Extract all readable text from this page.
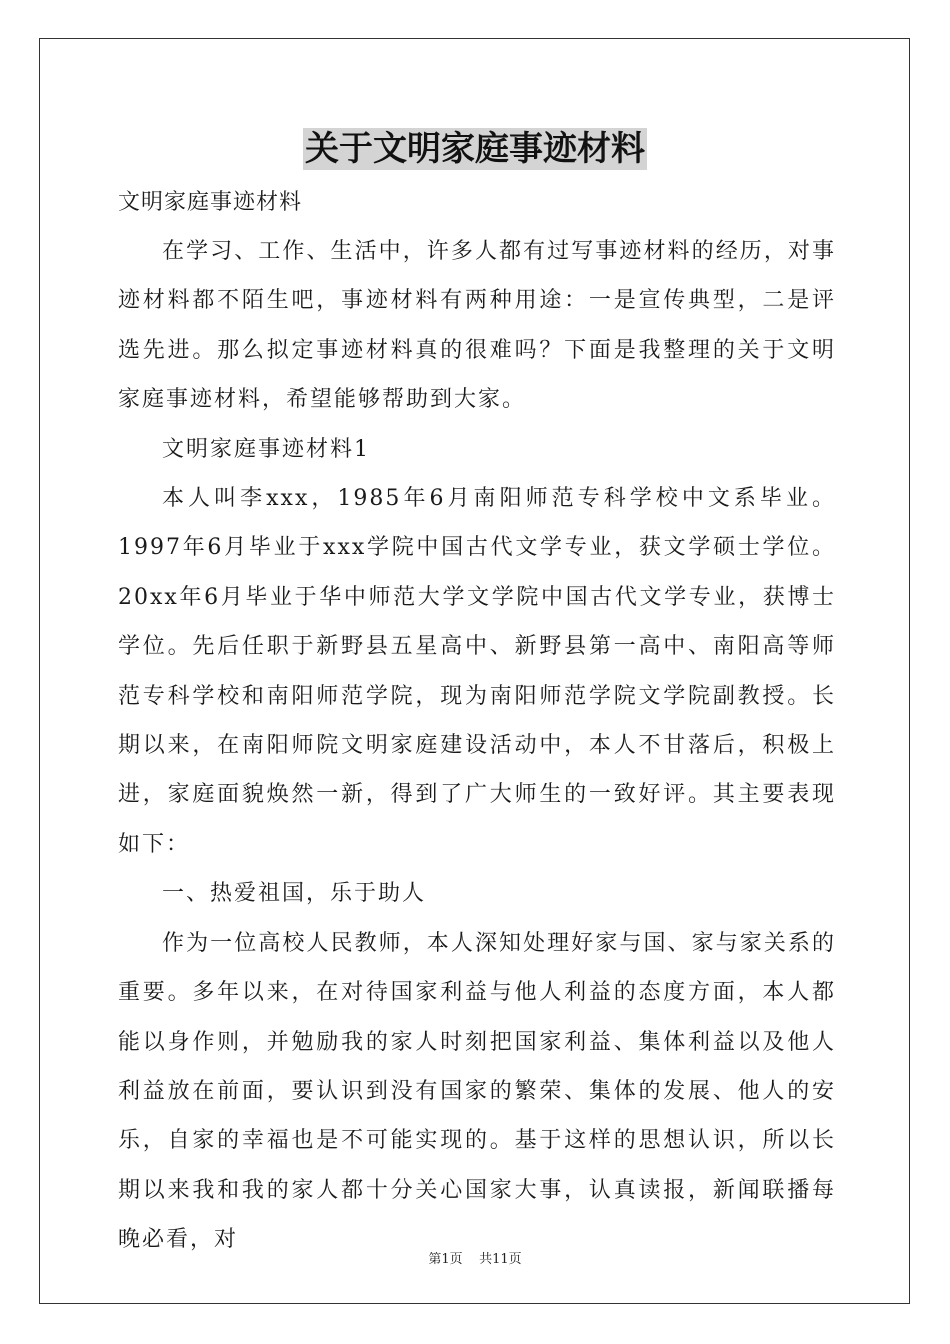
关于文明家庭事迹材料
文明家庭事迹材料

在学习、工作、生活中，许多人都有过写事迹材料的经历，对事迹材料都不陌生吧，事迹材料有两种用途：一是宣传典型，二是评选先进。那么拟定事迹材料真的很难吗？下面是我整理的关于文明家庭事迹材料，希望能够帮助到大家。

文明家庭事迹材料1

本人叫李xxx，1985年6月南阳师范专科学校中文系毕业。1997年6月毕业于xxx学院中国古代文学专业，获文学硕士学位。20xx年6月毕业于华中师范大学文学院中国古代文学专业，获博士学位。先后任职于新野县五星高中、新野县第一高中、南阳高等师范专科学校和南阳师范学院，现为南阳师范学院文学院副教授。长期以来，在南阳师院文明家庭建设活动中，本人不甘落后，积极上进，家庭面貌焕然一新，得到了广大师生的一致好评。其主要表现如下：

一、热爱祖国，乐于助人

作为一位高校人民教师，本人深知处理好家与国、家与家关系的重要。多年以来，在对待国家利益与他人利益的态度方面，本人都能以身作则，并勉励我的家人时刻把国家利益、集体利益以及他人利益放在前面，要认识到没有国家的繁荣、集体的发展、他人的安乐，自家的幸福也是不可能实现的。基于这样的思想认识，所以长期以来我和我的家人都十分关心国家大事，认真读报，新闻联播每晚必看，对

第1页    共11页
